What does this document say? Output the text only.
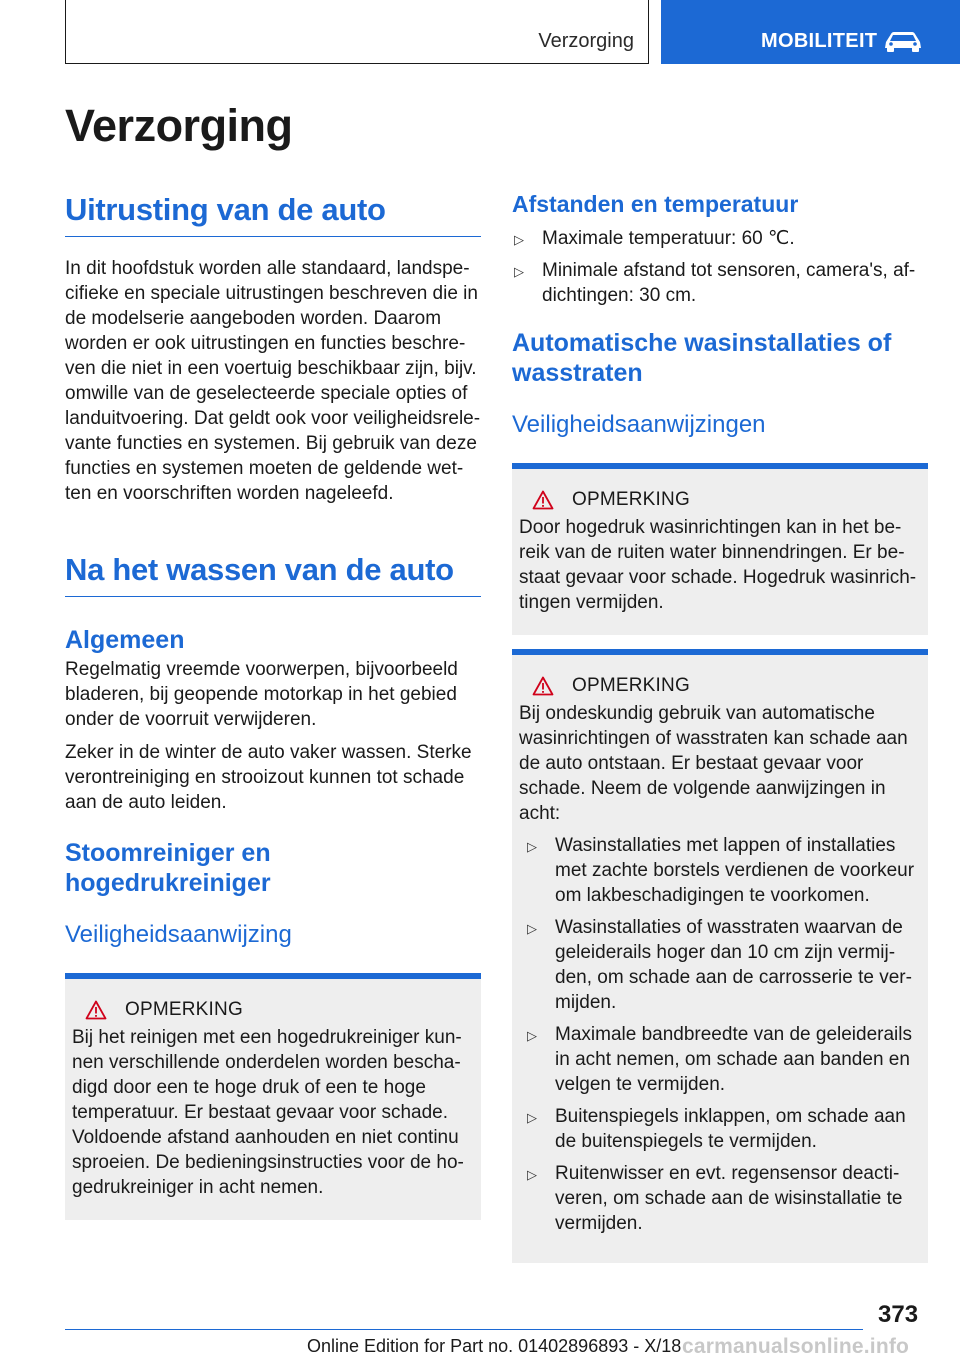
Verzorging	MOBILITEIT
Verzorging
Uitrusting van de auto

In dit hoofdstuk worden alle standaard, landspecifieke en speciale uitrustingen beschreven die in de modelserie aangeboden worden. Daarom worden er ook uitrustingen en functies beschreven die niet in een voertuig beschikbaar zijn, bijv. omwille van de geselecteerde speciale opties of landuitvoering. Dat geldt ook voor veiligheidsrelevante functies en systemen. Bij gebruik van deze functies en systemen moeten de geldende wetten en voorschriften worden nageleefd.

Na het wassen van de auto
Algemeen

Regelmatig vreemde voorwerpen, bijvoorbeeld bladeren, bij geopende motorkap in het gebied onder de voorruit verwijderen.

Zeker in de winter de auto vaker wassen. Sterke verontreiniging en strooizout kunnen tot schade aan de auto leiden.

Stoomreiniger en hogedrukreiniger
Veiligheidsaanwijzing
OPMERKING

Bij het reinigen met een hogedrukreiniger kunnen verschillende onderdelen worden beschadigd door een te hoge druk of een te hoge temperatuur. Er bestaat gevaar voor schade. Voldoende afstand aanhouden en niet continu sproeien. De bedieningsinstructies voor de hogedrukreiniger in acht nemen.

Afstanden en temperatuur
▷ Maximale temperatuur: 60 ℃.
▷ Minimale afstand tot sensoren, camera's, afdichtingen: 30 cm.
Automatische wasinstallaties of wasstraten
Veiligheidsaanwijzingen
OPMERKING

Door hogedruk wasinrichtingen kan in het bereik van de ruiten water binnendringen. Er bestaat gevaar voor schade. Hogedruk wasinrichtingen vermijden.

OPMERKING

Bij ondeskundig gebruik van automatische wasinrichtingen of wasstraten kan schade aan de auto ontstaan. Er bestaat gevaar voor schade. Neem de volgende aanwijzingen in acht:

▷ Wasinstallaties met lappen of installaties met zachte borstels verdienen de voorkeur om lakbeschadigingen te voorkomen.
▷ Wasinstallaties of wasstraten waarvan de geleiderails hoger dan 10 cm zijn vermijden, om schade aan de carrosserie te vermijden.
▷ Maximale bandbreedte van de geleiderails in acht nemen, om schade aan banden en velgen te vermijden.
▷ Buitenspiegels inklappen, om schade aan de buitenspiegels te vermijden.
▷ Ruitenwisser en evt. regensensor deactiveren, om schade aan de wisinstallatie te vermijden.
373
Online Edition for Part no. 01402896893 - X/18 carmanualsonline.info
